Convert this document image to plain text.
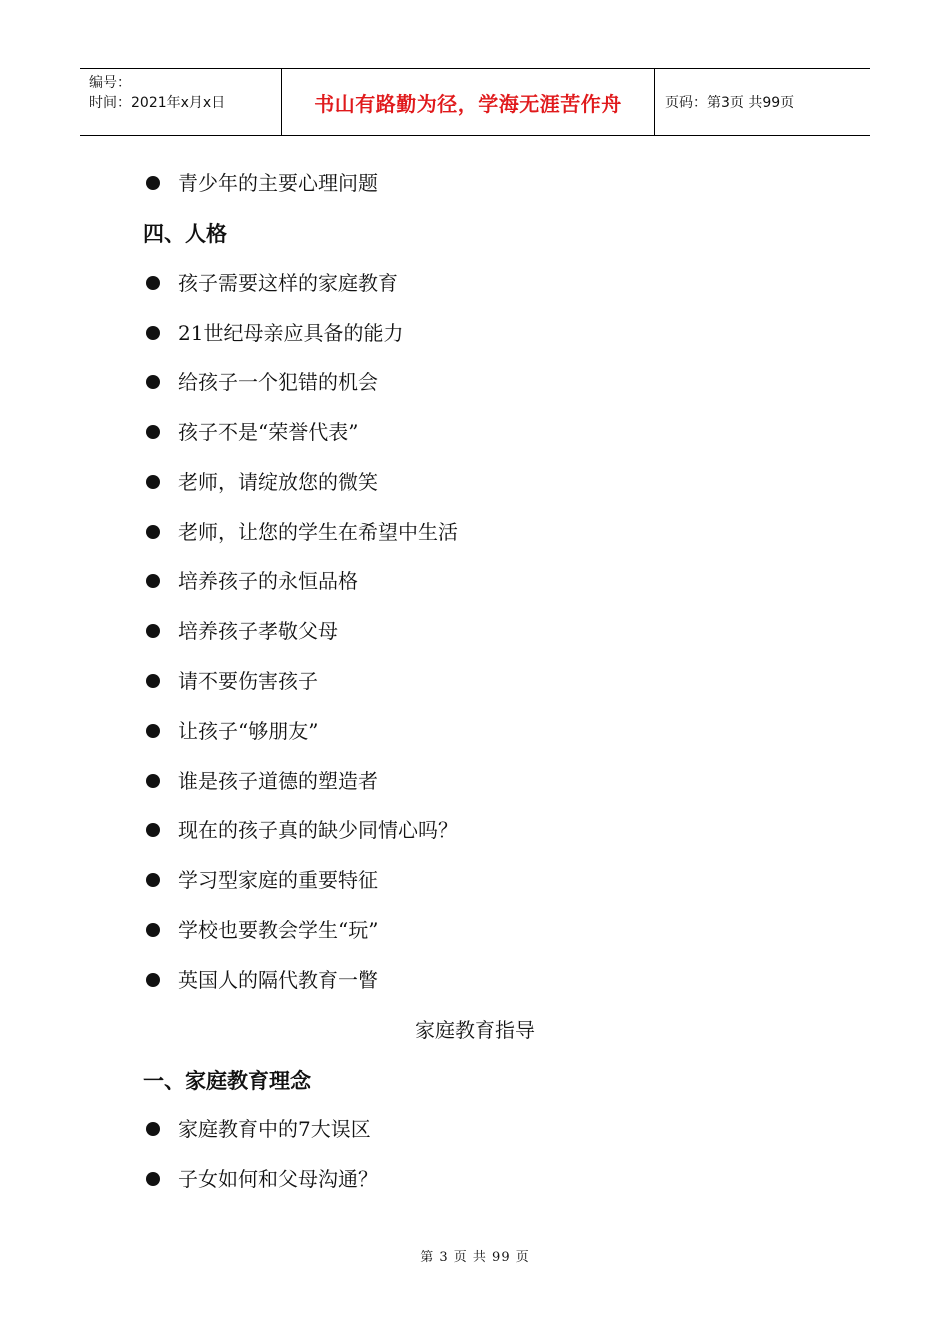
编号：
时间：2021年x月x日	书山有路勤为径，学海无涯苦作舟	页码：第3页 共99页
青少年的主要心理问题
四、人格
孩子需要这样的家庭教育
21世纪母亲应具备的能力
给孩子一个犯错的机会
孩子不是“荣誉代表”
老师，请绽放您的微笑
老师，让您的学生在希望中生活
培养孩子的永恒品格
培养孩子孝敬父母
请不要伤害孩子
让孩子“够朋友”
谁是孩子道德的塑造者
现在的孩子真的缺少同情心吗？
学习型家庭的重要特征
学校也要教会学生“玩”
英国人的隔代教育一瞥
家庭教育指导
一、家庭教育理念
家庭教育中的7大误区
子女如何和父母沟通？
第 3 页 共 99 页
